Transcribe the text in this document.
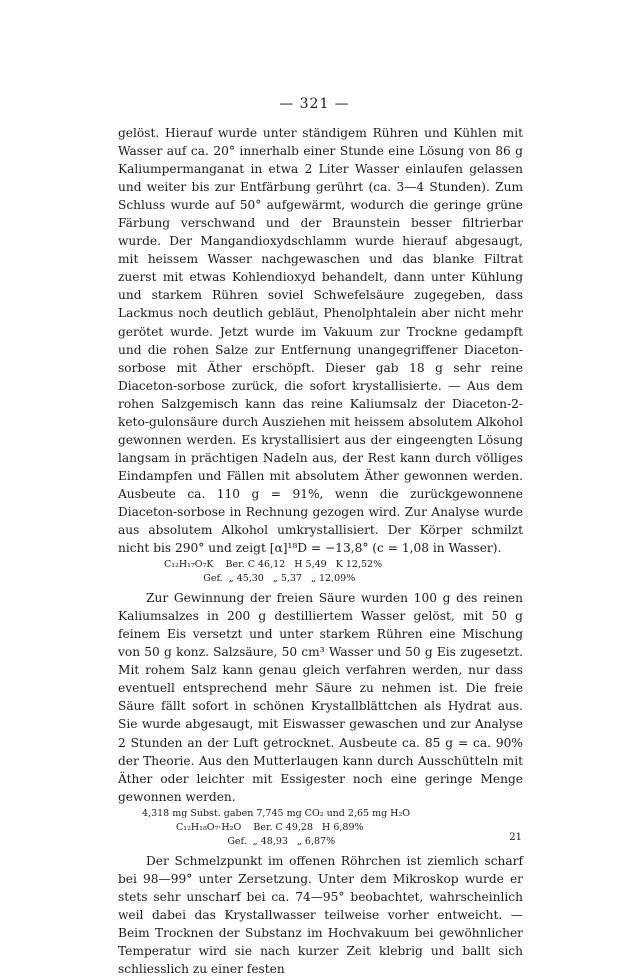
— 321 —

gelöst. Hierauf wurde unter ständigem Rühren und Kühlen mit Wasser auf ca. 20° innerhalb einer Stunde eine Lösung von 86 g Kaliumpermanganat in etwa 2 Liter Wasser einlaufen gelassen und weiter bis zur Entfärbung gerührt (ca. 3—4 Stunden). Zum Schluss wurde auf 50° aufgewärmt, wodurch die geringe grüne Färbung verschwand und der Braunstein besser filtrierbar wurde. Der Mangandioxydschlamm wurde hierauf abgesaugt, mit heissem Wasser nachgewaschen und das blanke Filtrat zuerst mit etwas Kohlendioxyd behandelt, dann unter Kühlung und starkem Rühren soviel Schwefelsäure zugegeben, dass Lackmus noch deutlich gebläut, Phenolphtalein aber nicht mehr gerötet wurde. Jetzt wurde im Vakuum zur Trockne gedampft und die rohen Salze zur Entfernung unangegriffener Diaceton-sorbose mit Äther erschöpft. Dieser gab 18 g sehr reine Diaceton-sorbose zurück, die sofort krystallisierte. — Aus dem rohen Salzgemisch kann das reine Kaliumsalz der Diaceton-2-keto-gulonsäure durch Ausziehen mit heissem absolutem Alkohol gewonnen werden. Es krystallisiert aus der eingeengten Lösung langsam in prächtigen Nadeln aus, der Rest kann durch völliges Eindampfen und Fällen mit absolutem Äther gewonnen werden. Ausbeute ca. 110 g = 91%, wenn die zurückgewonnene Diaceton-sorbose in Rechnung gezogen wird. Zur Analyse wurde aus absolutem Alkohol umkrystallisiert. Der Körper schmilzt nicht bis 290° und zeigt [α]¹⁸D = −13,8° (c = 1,08 in Wasser).

C₁₂H₁₇O₇K    Ber. C 46,12   H 5,49   K 12,52%

Gef.  „ 45,30   „ 5,37   „ 12,09%

Zur Gewinnung der freien Säure wurden 100 g des reinen Kaliumsalzes in 200 g destilliertem Wasser gelöst, mit 50 g feinem Eis versetzt und unter starkem Rühren eine Mischung von 50 g konz. Salzsäure, 50 cm³ Wasser und 50 g Eis zugesetzt. Mit rohem Salz kann genau gleich verfahren werden, nur dass eventuell entsprechend mehr Säure zu nehmen ist. Die freie Säure fällt sofort in schönen Krystallblättchen als Hydrat aus. Sie wurde abgesaugt, mit Eiswasser gewaschen und zur Analyse 2 Stunden an der Luft getrocknet. Ausbeute ca. 85 g = ca. 90% der Theorie. Aus den Mutterlaugen kann durch Ausschütteln mit Äther oder leichter mit Essigester noch eine geringe Menge gewonnen werden.

4,318 mg Subst. gaben 7,745 mg CO₂ und 2,65 mg H₂O

C₁₂H₁₈O₇·H₂O    Ber. C 49,28   H 6,89%

Gef.  „ 48,93   „ 6,87%

Der Schmelzpunkt im offenen Röhrchen ist ziemlich scharf bei 98—99° unter Zersetzung. Unter dem Mikroskop wurde er stets sehr unscharf bei ca. 74—95° beobachtet, wahrscheinlich weil dabei das Krystallwasser teilweise vorher entweicht. — Beim Trocknen der Substanz im Hochvakuum bei gewöhnlicher Temperatur wird sie nach kurzer Zeit klebrig und ballt sich schliesslich zu einer festen

21
